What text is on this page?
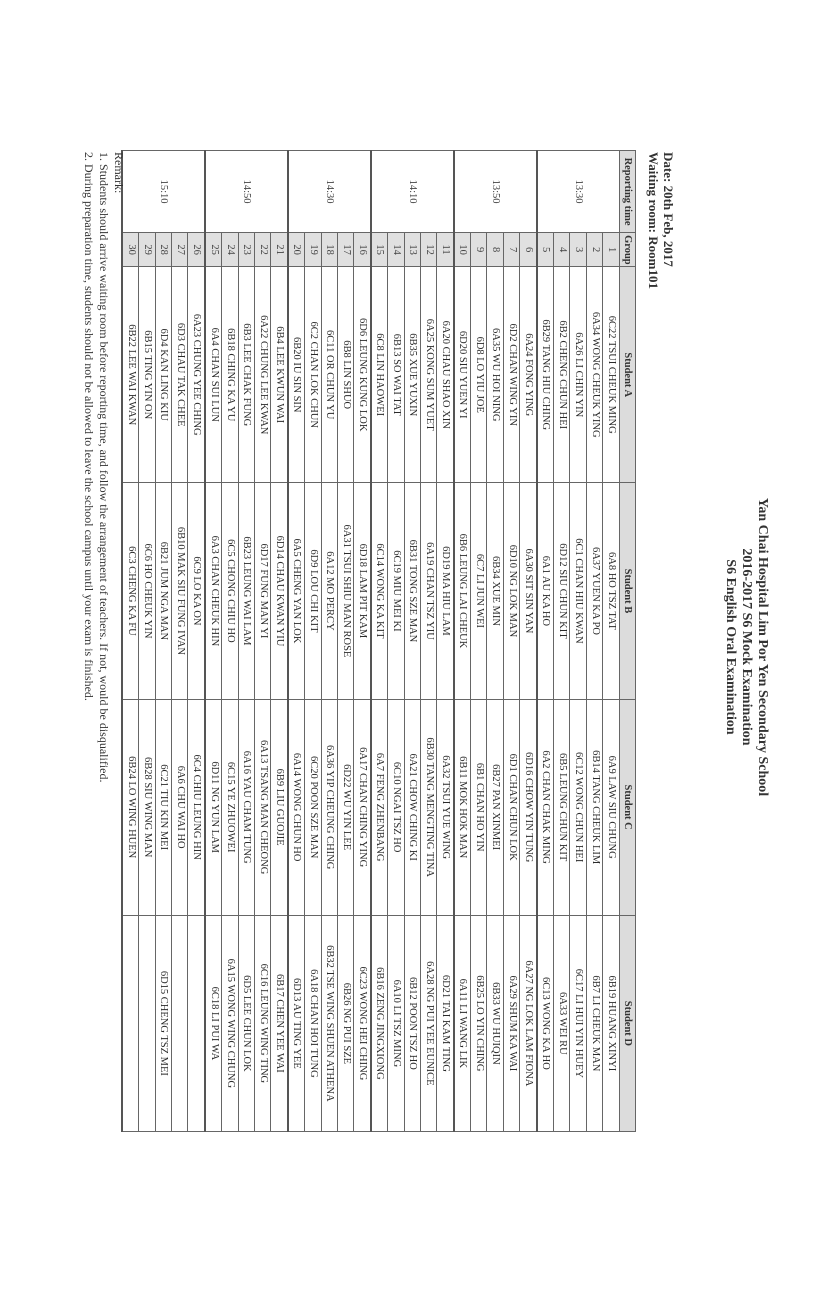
Yan Chai Hospital Lim Por Yen Secondary School
2016-2017 S6 Mock Examination
S6 English Oral Examination
Date: 20th Feb, 2017
Waiting room: Room101
Reporting time	Group	Student A	Student B	Student C	Student D
13:30	1	6C22 TSUI CHEUK MING	6A8 HO TSZ TAT	6A9 LAW SIU CHUNG	6B19 HUANG XINYI
	2	6A34 WONG CHEUK YING	6A37 YUEN KA PO	6B14 TANG CHEUK LIM	6B7 LI CHEUK MAN
	3	6A26 LI CHIN YIN	6C1 CHAN HIU KWAN	6C12 WONG CHUN HEI	6C17 LI HUI YIN HUEY
	4	6B2 CHENG CHUN HEI	6D12 SIU CHUN KIT	6B5 LEUNG CHUN KIT	6A33 WEI RU
	5	6B29 TANG HIU CHING	6A1 AU KA HO	6A2 CHAN CHAK MING	6C13 WONG KA HO
13:50	6	6A24 FONG YING	6A30 SIT SIN YAN	6D16 CHOW YIN TUNG	6A27 NG LOK LAM FIONA
	7	6D2 CHAN WING YIN	6D10 NG LOK MAN	6D1 CHAN CHUN LOK	6A29 SHUM KA WAI
	8	6A35 WU HOI NING	6B34 XUE MIN	6B27 PAN XINMEI	6B33 WU HUIQIN
	9	6D8 LO YIU JOE	6C7 LI JUN WEI	6B1 CHAN HO YIN	6B25 LO YIN CHING
	10	6D20 SIU YUEN YI	6B6 LEUNG LAI CHEUK	6B11 MOK HOK MAN	6A11 LI WANG LIK
14:10	11	6A20 CHAU SHAO XIN	6D19 MA HIU LAM	6A32 TSUI YUE WING	6D21 TAI KAM TING
	12	6A25 KONG SUM YUET	6A19 CHAN TSZ YIU	6B30 TANG MENGTING TINA	6A28 NG PUI YEE EUNICE
	13	6B35 XUE YUXIN	6B31 TONG SZE MAN	6A21 CHOW CHING KI	6B12 POON TSZ HO
	14	6B13 SO WAI TAT	6C19 MIU MEI KI	6C10 NGAI TSZ HO	6A10 LI TSZ MING
	15	6C8 LIN HAOWEI	6C14 WONG KA KIT	6A7 FENG ZHENBANG	6B16 ZENG JINGXIONG
14:30	16	6D6 LEUNG KUNG LOK	6D18 LAM PIT KAM	6A17 CHAN CHING YING	6C23 WONG HEI CHING
	17	6B8 LIN SHUO	6A31 TSUI SHIU MAN ROSE	6D22 WU YIN LEE	6B26 NG PUI SZE
	18	6C11 OR CHUN YU	6A12 MO PERCY	6A36 YIP CHEUNG CHING	6B32 TSE WING SHUEN ATHENA
	19	6C2 CHAN LOK CHUN	6D9 LOU CHI KIT	6C20 POON SZE MAN	6A18 CHAN HOI TUNG
	20	6B20 IU SIN SIN	6A5 CHENG YAN LOK	6A14 WONG CHUN HO	6D13 AU TING YEE
14:50	21	6B4 LEE KWUN WAI	6D14 CHAU KWAN YIU	6B9 LIU GUOJIE	6B17 CHEN YEE WAI
	22	6A22 CHUNG LEE KWAN	6D17 FUNG MAN YI	6A13 TSANG MAN CHEONG	6C16 LEUNG WING TING
	23	6B3 LEE CHAK FUNG	6B23 LEUNG WAI LAM	6A16 YAU CHAM TUNG	6D5 LEE CHUN LOK
	24	6B18 CHING KA YU	6C5 CHONG CHIU HO	6C15 YE ZHUOWEI	6A15 WONG WING CHUNG
	25	6A4 CHAN SUI LUN	6A3 CHAN CHEUK HIN	6D11 NG YUN LAM	6C18 LI PUI WA
15:10	26	6A23 CHUNG YEE CHING	6C9 LO KA ON	6C4 CHIU LEUNG HIN	
	27	6D3 CHAU TAK CHEE	6B10 MAK SIU FUNG IVAN	6A6 CHU WAI HO	
	28	6D4 KAN LING KIU	6B21 JUM NGA MAN	6C21 TIU KIN MEI	6D15 CHENG TSZ MEI
	29	6B15 TING YIN ON	6C6 HO CHEUK YIN	6B28 SIU WING MAN	
	30	6B22 LEE WAI KWAN	6C3 CHENG KA FU	6B24 LO WING HUEN	
Remark:
1. Students should arrive waiting room before reporting time, and follow the arrangement of teachers. If not, would be disqualified.
2. During preparation time, students should not be allowed to leave the school campus until your exam is finished.
